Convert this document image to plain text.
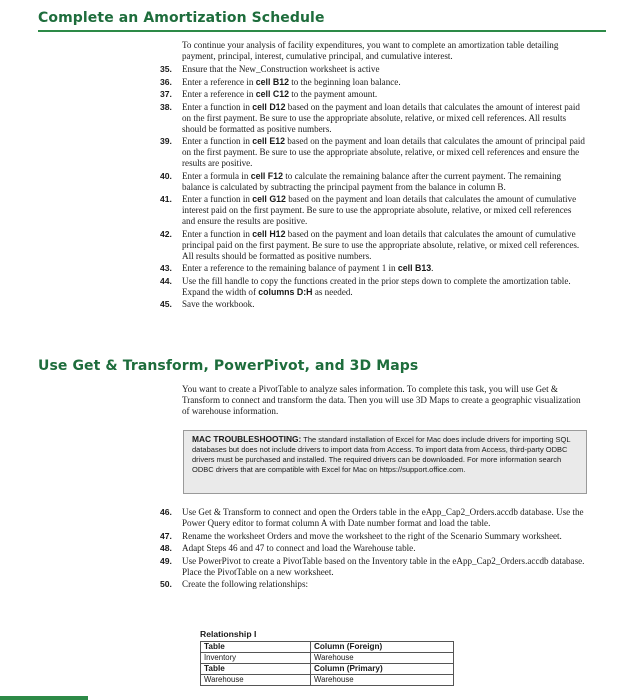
Complete an Amortization Schedule
To continue your analysis of facility expenditures, you want to complete an amortization table detailing payment, principal, interest, cumulative principal, and cumulative interest.
35.	Ensure that the New_Construction worksheet is active
36.	Enter a reference in cell B12 to the beginning loan balance.
37.	Enter a reference in cell C12 to the payment amount.
38.	Enter a function in cell D12 based on the payment and loan details that calculates the amount of interest paid on the first payment. Be sure to use the appropriate absolute, relative, or mixed cell references. All results should be formatted as positive numbers.
39.	Enter a function in cell E12 based on the payment and loan details that calculates the amount of principal paid on the first payment. Be sure to use the appropriate absolute, relative, or mixed cell references and ensure the results are positive.
40.	Enter a formula in cell F12 to calculate the remaining balance after the current payment. The remaining balance is calculated by subtracting the principal payment from the balance in column B.
41.	Enter a function in cell G12 based on the payment and loan details that calculates the amount of cumulative interest paid on the first payment. Be sure to use the appropriate absolute, relative, or mixed cell references and ensure the results are positive.
42.	Enter a function in cell H12 based on the payment and loan details that calculates the amount of cumulative principal paid on the first payment. Be sure to use the appropriate absolute, relative, or mixed cell references. All results should be formatted as positive numbers.
43.	Enter a reference to the remaining balance of payment 1 in cell B13.
44.	Use the fill handle to copy the functions created in the prior steps down to complete the amortization table. Expand the width of columns D:H as needed.
45.	Save the workbook.
Use Get & Transform, PowerPivot, and 3D Maps
You want to create a PivotTable to analyze sales information. To complete this task, you will use Get & Transform to connect and transform the data. Then you will use 3D Maps to create a geographic visualization of warehouse information.
MAC TROUBLESHOOTING: The standard installation of Excel for Mac does include drivers for importing SQL databases but does not include drivers to import data from Access. To import data from Access, third-party ODBC drivers must be purchased and installed. The required drivers can be downloaded. For more information search ODBC drivers that are compatible with Excel for Mac on https://support.office.com.
46.	Use Get & Transform to connect and open the Orders table in the eApp_Cap2_Orders.accdb database. Use the Power Query editor to format column A with Date number format and load the table.
47.	Rename the worksheet Orders and move the worksheet to the right of the Scenario Summary worksheet.
48.	Adapt Steps 46 and 47 to connect and load the Warehouse table.
49.	Use PowerPivot to create a PivotTable based on the Inventory table in the eApp_Cap2_Orders.accdb database. Place the PivotTable on a new worksheet.
50.	Create the following relationships:
Relationship I
Table	Column (Foreign)
Inventory	Warehouse
Table	Column (Primary)
Warehouse	Warehouse
